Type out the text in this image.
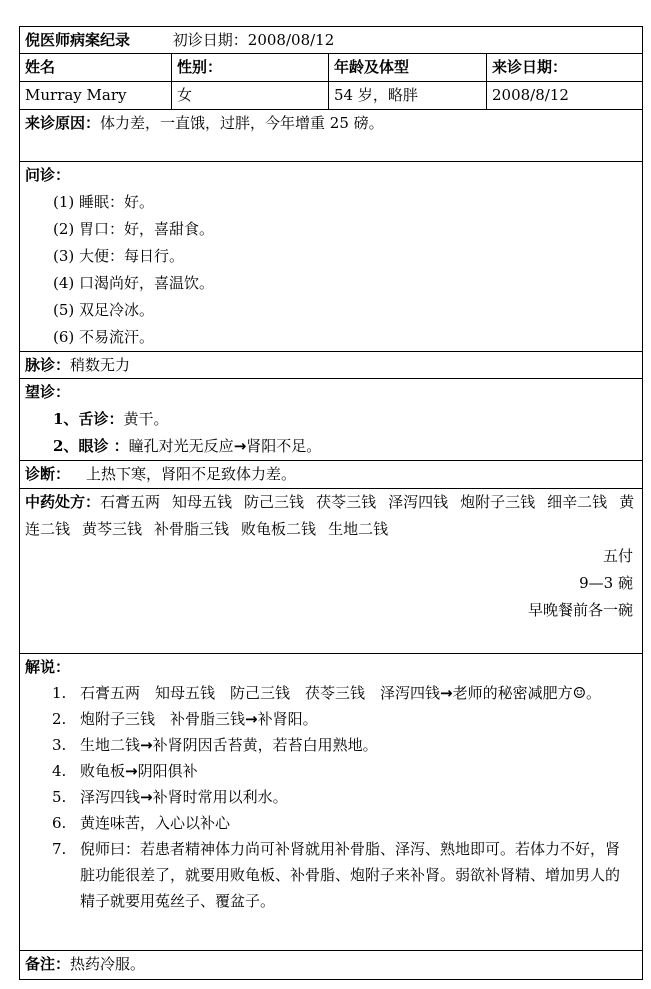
倪医师病案纪录	初诊日期：2008/08/12
姓名	性别：	年龄及体型	来诊日期：
Murray Mary	女	54 岁，略胖	2008/8/12
来诊原因：体力差，一直饿，过胖，今年增重 25 磅。
问诊：
(1) 睡眠：好。
(2) 胃口：好，喜甜食。
(3) 大便：每日行。
(4) 口渴尚好，喜温饮。
(5) 双足冷冰。
(6) 不易流汗。
脉诊：稍数无力
望诊：
1、舌诊：黄干。
2、眼诊 ：瞳孔对光无反应→肾阳不足。
诊断： 上热下寒，肾阳不足致体力差。
中药处方：石膏五两 知母五钱 防己三钱 茯苓三钱 泽泻四钱 炮附子三钱 细辛二钱 黄连二钱 黄芩三钱 补骨脂三钱 败龟板二钱 生地二钱
五付
9—3 碗
早晚餐前各一碗
解说：
1. 石膏五两　知母五钱　防己三钱　茯苓三钱　泽泻四钱→老师的秘密减肥方☺。
2. 炮附子三钱　补骨脂三钱→补肾阳。
3. 生地二钱→补肾阴因舌苔黄，若苔白用熟地。
4. 败龟板→阴阳俱补
5. 泽泻四钱→补肾时常用以利水。
6. 黄连味苦，入心以补心
7. 倪师曰：若患者精神体力尚可补肾就用补骨脂、泽泻、熟地即可。若体力不好，肾脏功能很差了，就要用败龟板、补骨脂、炮附子来补肾。弱欲补肾精、增加男人的精子就要用菟丝子、覆盆子。
备注：热药冷服。
